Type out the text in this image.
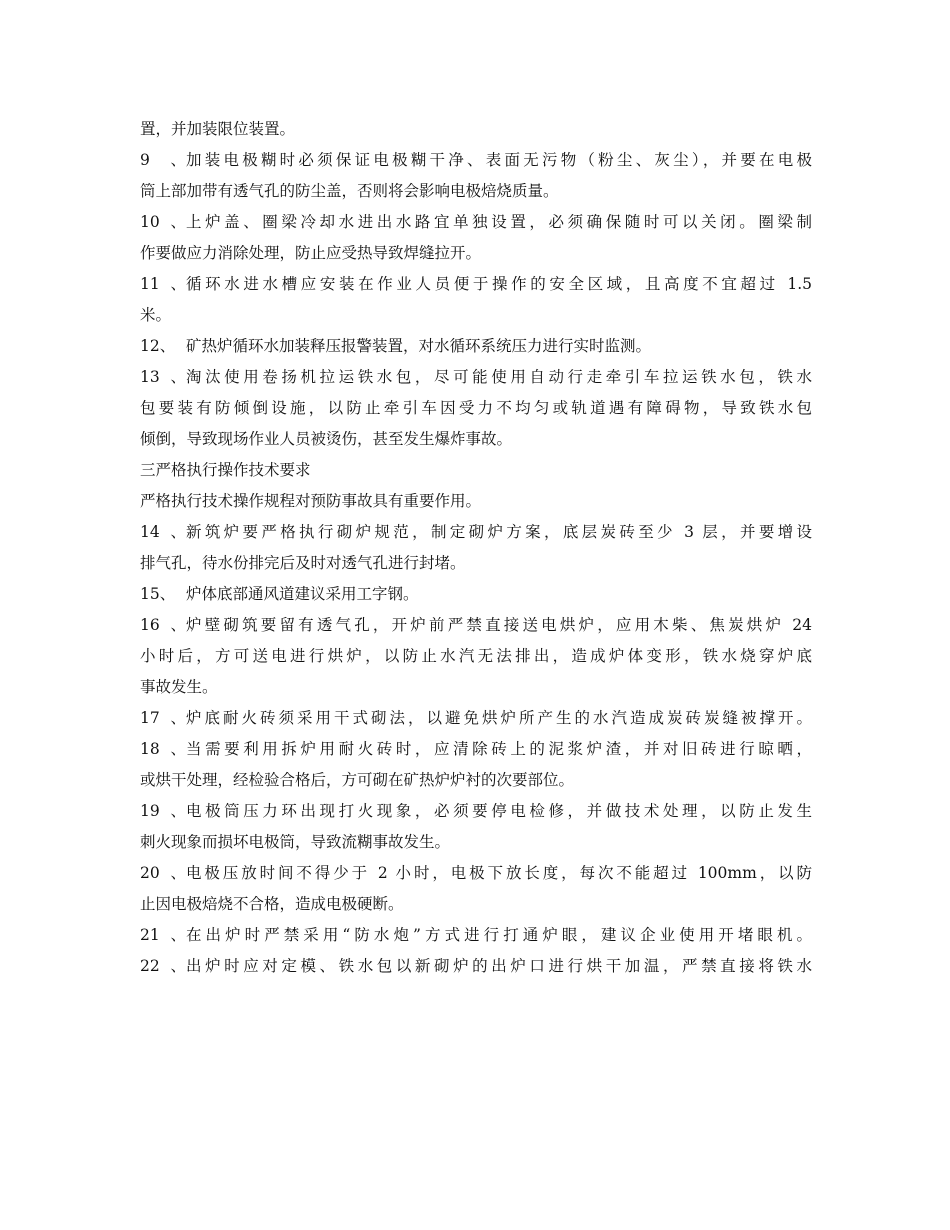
置，并加装限位装置。
9、加装电极糊时必须保证电极糊干净、表面无污物（粉尘、灰尘），并要在电极
筒上部加带有透气孔的防尘盖，否则将会影响电极焙烧质量。
10、上炉盖、圈梁冷却水进出水路宜单独设置，必须确保随时可以关闭。圈梁制
作要做应力消除处理，防止应受热导致焊缝拉开。
11、循环水进水槽应安装在作业人员便于操作的安全区域，且高度不宜超过 1.5
米。
12、 矿热炉循环水加装释压报警装置，对水循环系统压力进行实时监测。
13、淘汰使用卷扬机拉运铁水包，尽可能使用自动行走牵引车拉运铁水包，铁水
包要装有防倾倒设施，以防止牵引车因受力不均匀或轨道遇有障碍物，导致铁水包
倾倒，导致现场作业人员被烫伤，甚至发生爆炸事故。
三严格执行操作技术要求
严格执行技术操作规程对预防事故具有重要作用。
14、新筑炉要严格执行砌炉规范，制定砌炉方案，底层炭砖至少 3 层，并要增设
排气孔，待水份排完后及时对透气孔进行封堵。
15、 炉体底部通风道建议采用工字钢。
16、炉壁砌筑要留有透气孔，开炉前严禁直接送电烘炉，应用木柴、焦炭烘炉 24
小时后，方可送电进行烘炉，以防止水汽无法排出，造成炉体变形，铁水烧穿炉底
事故发生。
17、炉底耐火砖须采用干式砌法，以避免烘炉所产生的水汽造成炭砖炭缝被撑开。
18、当需要利用拆炉用耐火砖时，应清除砖上的泥浆炉渣，并对旧砖进行晾晒，
或烘干处理，经检验合格后，方可砌在矿热炉炉衬的次要部位。
19、电极筒压力环出现打火现象，必须要停电检修，并做技术处理，以防止发生
刺火现象而损坏电极筒，导致流糊事故发生。
20、电极压放时间不得少于 2 小时，电极下放长度，每次不能超过 100mm，以防
止因电极焙烧不合格，造成电极硬断。
21、在出炉时严禁采用“防水炮”方式进行打通炉眼，建议企业使用开堵眼机。
22、出炉时应对定模、铁水包以新砌炉的出炉口进行烘干加温，严禁直接将铁水
